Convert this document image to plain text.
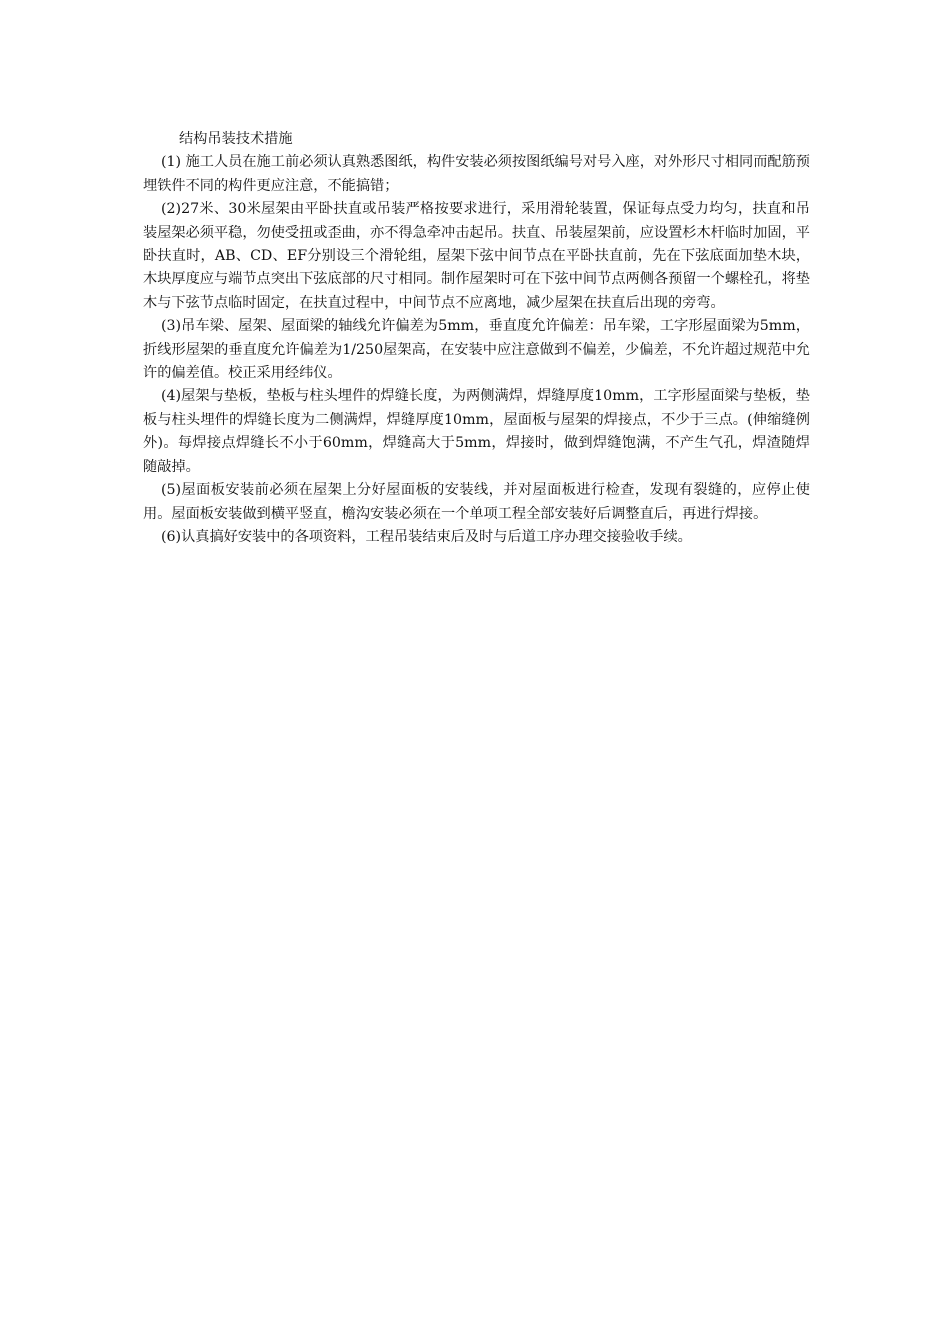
结构吊装技术措施

(1) 施工人员在施工前必须认真熟悉图纸，构件安装必须按图纸编号对号入座，对外形尺寸相同而配筋预埋铁件不同的构件更应注意，不能搞错；

(2)27米、30米屋架由平卧扶直或吊装严格按要求进行，采用滑轮装置，保证每点受力均匀，扶直和吊装屋架必须平稳，勿使受扭或歪曲，亦不得急牵冲击起吊。扶直、吊装屋架前，应设置杉木杆临时加固，平卧扶直时，AB、CD、EF分别设三个滑轮组，屋架下弦中间节点在平卧扶直前，先在下弦底面加垫木块，木块厚度应与端节点突出下弦底部的尺寸相同。制作屋架时可在下弦中间节点两侧各预留一个螺栓孔，将垫木与下弦节点临时固定，在扶直过程中，中间节点不应离地，减少屋架在扶直后出现的旁弯。

(3)吊车梁、屋架、屋面梁的轴线允许偏差为5mm，垂直度允许偏差：吊车梁，工字形屋面梁为5mm，折线形屋架的垂直度允许偏差为1/250屋架高，在安装中应注意做到不偏差，少偏差，不允许超过规范中允许的偏差值。校正采用经纬仪。

(4)屋架与垫板，垫板与柱头埋件的焊缝长度，为两侧满焊，焊缝厚度10mm，工字形屋面梁与垫板，垫板与柱头埋件的焊缝长度为二侧满焊，焊缝厚度10mm，屋面板与屋架的焊接点，不少于三点。(伸缩缝例外)。每焊接点焊缝长不小于60mm，焊缝高大于5mm，焊接时，做到焊缝饱满，不产生气孔，焊渣随焊随敲掉。

(5)屋面板安装前必须在屋架上分好屋面板的安装线，并对屋面板进行检查，发现有裂缝的，应停止使用。屋面板安装做到横平竖直，檐沟安装必须在一个单项工程全部安装好后调整直后，再进行焊接。

(6)认真搞好安装中的各项资料，工程吊装结束后及时与后道工序办理交接验收手续。
